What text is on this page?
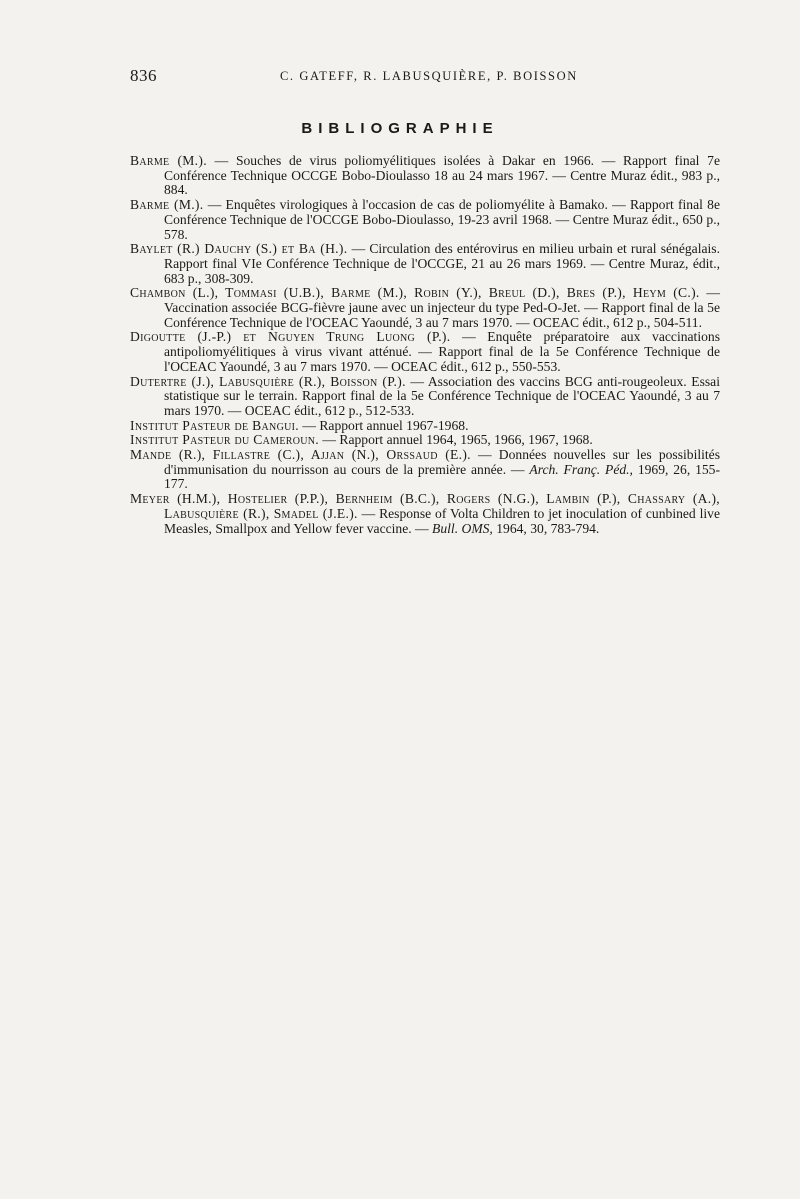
836	C. GATEFF, R. LABUSQUIÈRE, P. BOISSON
BIBLIOGRAPHIE

Barme (M.). — Souches de virus poliomyélitiques isolées à Dakar en 1966. — Rapport final 7e Conférence Technique OCCGE Bobo-Dioulasso 18 au 24 mars 1967. — Centre Muraz édit., 983 p., 884.

Barme (M.). — Enquêtes virologiques à l'occasion de cas de poliomyélite à Bamako. — Rapport final 8e Conférence Technique de l'OCCGE Bobo-Dioulasso, 19-23 avril 1968. — Centre Muraz édit., 650 p., 578.

Baylet (R.) Dauchy (S.) et Ba (H.). — Circulation des entérovirus en milieu urbain et rural sénégalais. Rapport final VIe Conférence Technique de l'OCCGE, 21 au 26 mars 1969. — Centre Muraz, édit., 683 p., 308-309.

Chambon (L.), Tommasi (U.B.), Barme (M.), Robin (Y.), Breul (D.), Bres (P.), Heym (C.). — Vaccination associée BCG-fièvre jaune avec un injecteur du type Ped-O-Jet. — Rapport final de la 5e Conférence Technique de l'OCEAC Yaoundé, 3 au 7 mars 1970. — OCEAC édit., 612 p., 504-511.

Digoutte (J.-P.) et Nguyen Trung Luong (P.). — Enquête préparatoire aux vaccinations antipoliomyélitiques à virus vivant atténué. — Rapport final de la 5e Conférence Technique de l'OCEAC Yaoundé, 3 au 7 mars 1970. — OCEAC édit., 612 p., 550-553.

Dutertre (J.), Labusquière (R.), Boisson (P.). — Association des vaccins BCG anti-rougeoleux. Essai statistique sur le terrain. Rapport final de la 5e Conférence Technique de l'OCEAC Yaoundé, 3 au 7 mars 1970. — OCEAC édit., 612 p., 512-533.

Institut Pasteur de Bangui. — Rapport annuel 1967-1968.

Institut Pasteur du Cameroun. — Rapport annuel 1964, 1965, 1966, 1967, 1968.

Mande (R.), Fillastre (C.), Ajjan (N.), Orssaud (E.). — Données nouvelles sur les possibilités d'immunisation du nourrisson au cours de la première année. — Arch. Franç. Péd., 1969, 26, 155-177.

Meyer (H.M.), Hostelier (P.P.), Bernheim (B.C.), Rogers (N.G.), Lambin (P.), Chassary (A.), Labusquière (R.), Smadel (J.E.). — Response of Volta Children to jet inoculation of cunbined live Measles, Smallpox and Yellow fever vaccine. — Bull. OMS, 1964, 30, 783-794.
